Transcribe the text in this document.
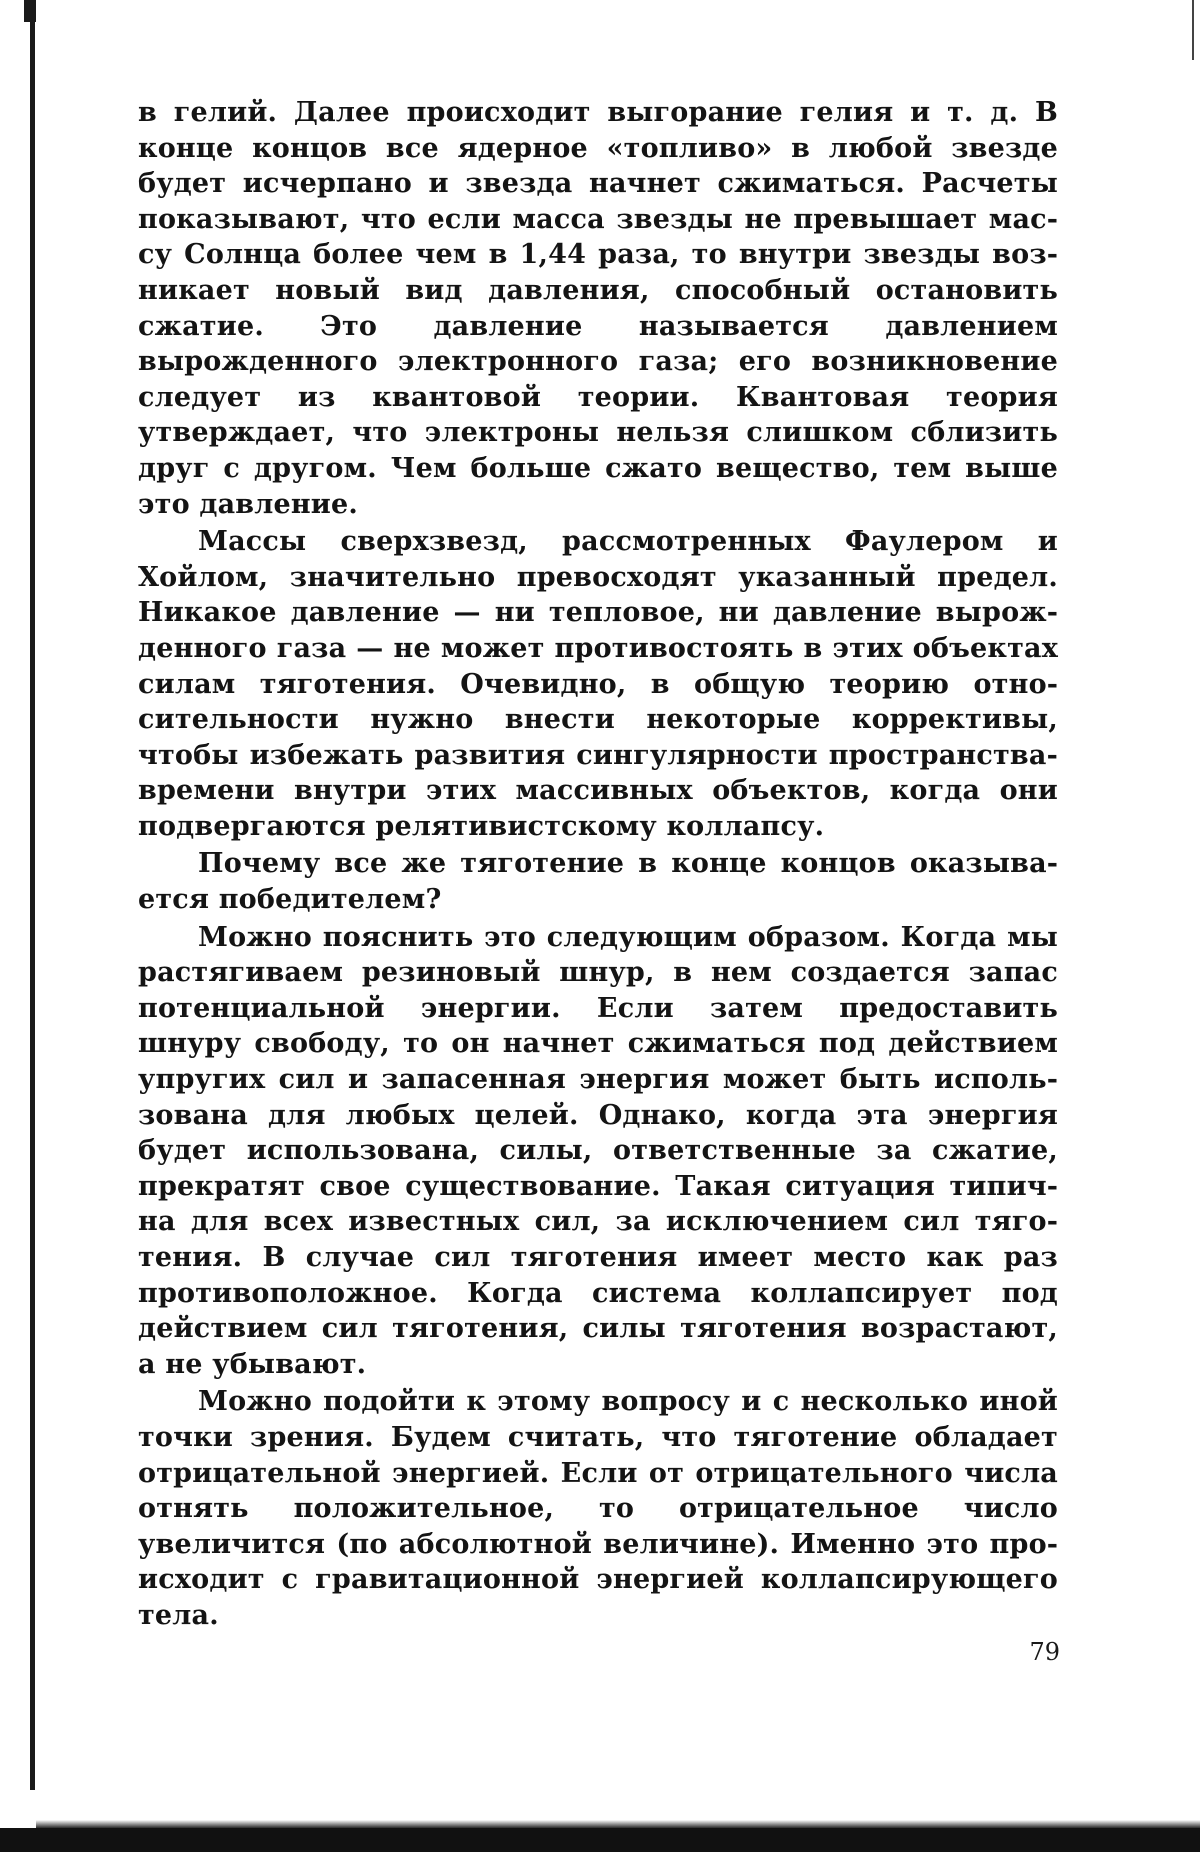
в гелий. Далее происходит выгорание гелия и т. д. В конце концов все ядерное «топливо» в любой звезде будет исчерпано и звезда начнет сжиматься. Расчеты показывают, что если масса звезды не превышает массу Солнца более чем в 1,44 раза, то внутри звезды возникает новый вид давления, способный остановить сжатие. Это давление называется давлением вырожденного электронного газа; его возникновение следует из квантовой теории. Квантовая теория утверждает, что электроны нельзя слишком сблизить друг с другом. Чем больше сжато вещество, тем выше это давление.

Массы сверхзвезд, рассмотренных Фаулером и Хойлом, значительно превосходят указанный предел. Никакое давление — ни тепловое, ни давление вырожденного газа — не может противостоять в этих объектах силам тяготения. Очевидно, в общую теорию относительности нужно внести некоторые коррективы, чтобы избежать развития сингулярности пространства-времени внутри этих массивных объектов, когда они подвергаются релятивистскому коллапсу.

Почему все же тяготение в конце концов оказывается победителем?

Можно пояснить это следующим образом. Когда мы растягиваем резиновый шнур, в нем создается запас потенциальной энергии. Если затем предоставить шнуру свободу, то он начнет сжиматься под действием упругих сил и запасенная энергия может быть использована для любых целей. Однако, когда эта энергия будет использована, силы, ответственные за сжатие, прекратят свое существование. Такая ситуация типична для всех известных сил, за исключением сил тяготения. В случае сил тяготения имеет место как раз противоположное. Когда система коллапсирует под действием сил тяготения, силы тяготения возрастают, а не убывают.

Можно подойти к этому вопросу и с несколько иной точки зрения. Будем считать, что тяготение обладает отрицательной энергией. Если от отрицательного числа отнять положительное, то отрицательное число увеличится (по абсолютной величине). Именно это происходит с гравитационной энергией коллапсирующего тела.

79
